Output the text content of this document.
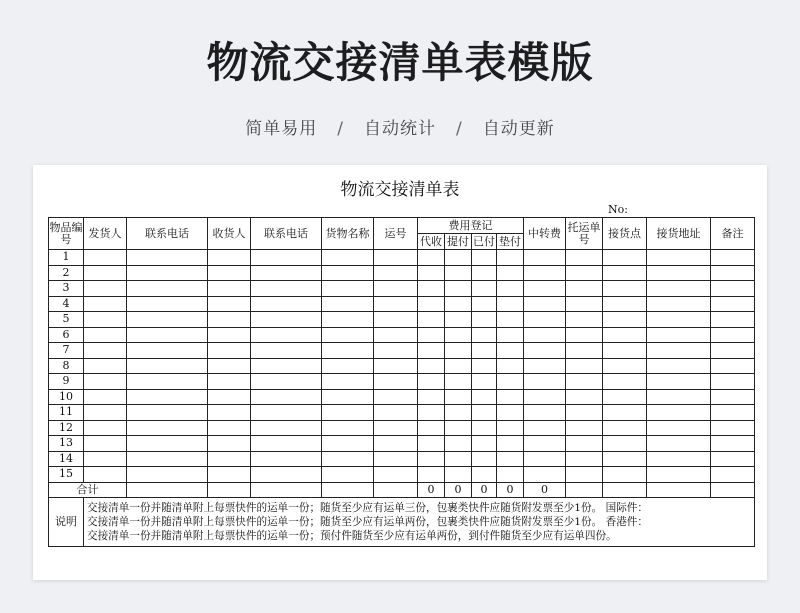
物流交接清单表模版
简单易用 / 自动统计 / 自动更新
物流交接清单表
No:
物品编号	发货人	联系电话	收货人	联系电话	货物名称	运号	费用登记				中转费	托运单号	接货点	接货地址	备注
							代收	提付	已付	垫付					
1															
2															
3															
4															
5															
6															
7															
8															
9															
10															
11															
12															
13															
14															
15															
合计							0	0	0	0	0				
说明	交接清单一份并随清单附上每票快件的运单一份；随货至少应有运单三份，包裹类快件应随货附发票至少1份。 国际件：
交接清单一份并随清单附上每票快件的运单一份；随货至少应有运单两份，包裹类快件应随货附发票至少1份。 香港件：
交接清单一份并随清单附上每票快件的运单一份；预付件随货至少应有运单两份，到付件随货至少应有运单四份。														
